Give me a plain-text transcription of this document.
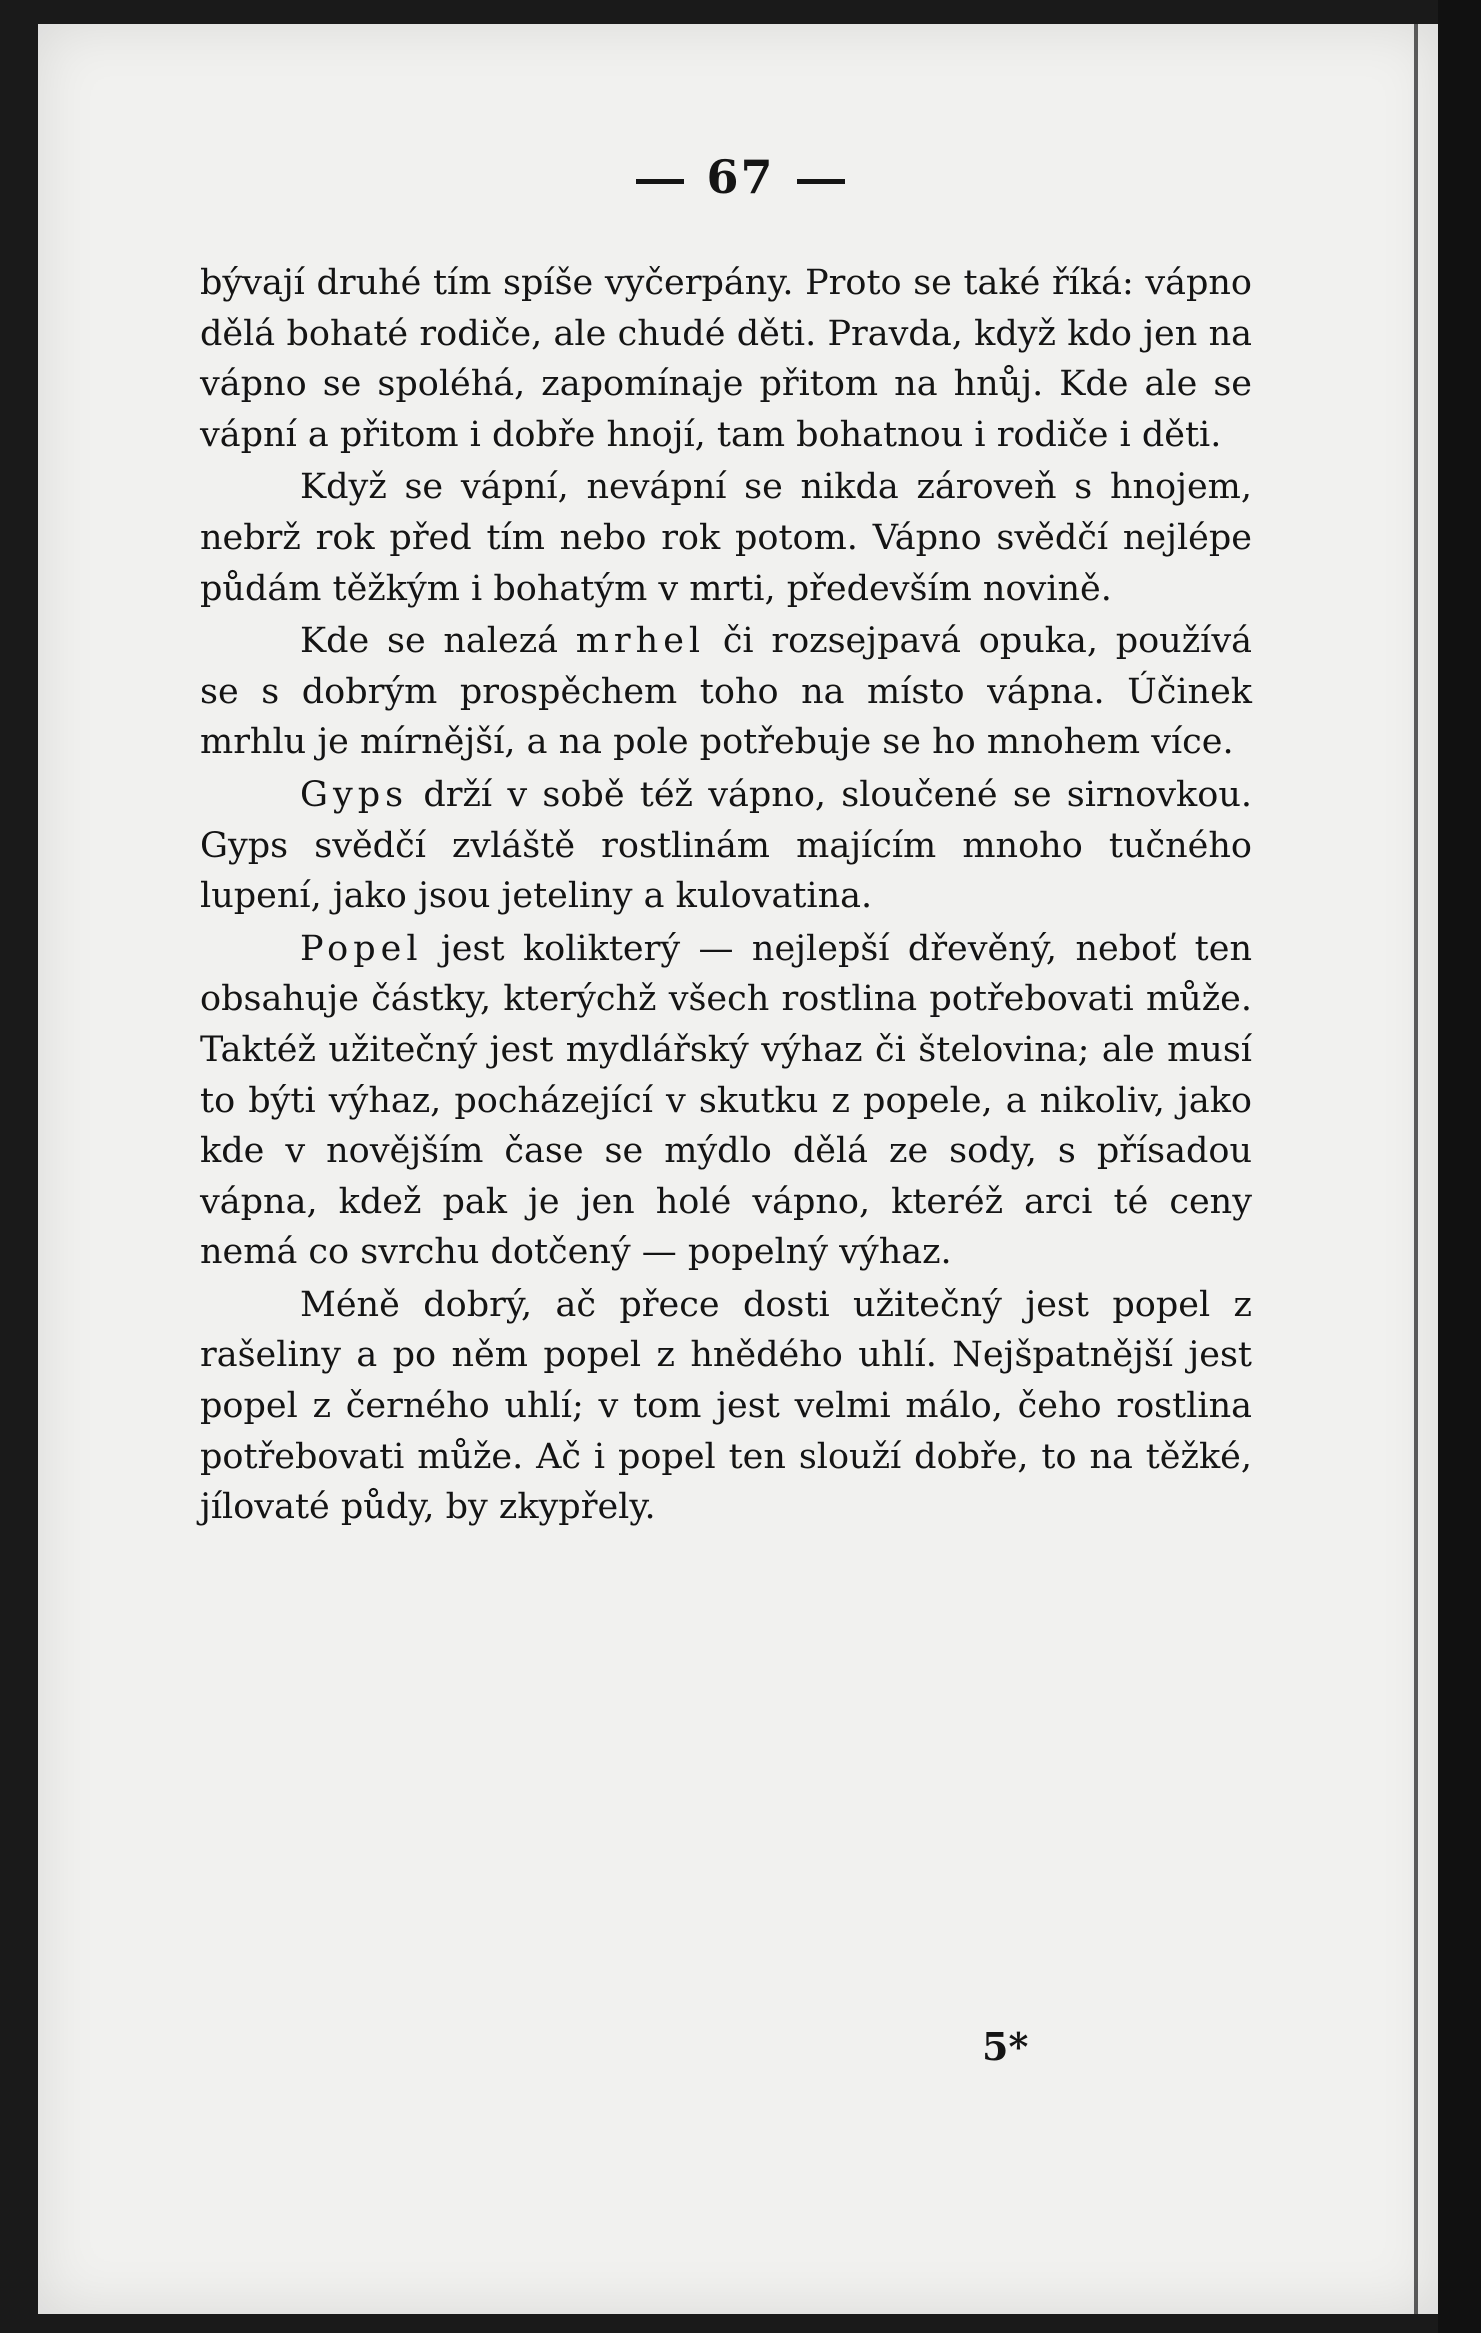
67

bývají druhé tím spíše vyčerpány. Proto se také říká: vápno dělá bohaté rodiče, ale chudé děti. Pravda, když kdo jen na vápno se spoléhá, zapomínaje přitom na hnůj. Kde ale se vápní a přitom i dobře hnojí, tam bohatnou i rodiče i děti.

Když se vápní, nevápní se nikda zároveň s hnojem, nebrž rok před tím nebo rok potom. Vápno svědčí nejlépe půdám těžkým i bohatým v mrti, především novině.

Kde se nalezá mrhel či rozsejpavá opuka, používá se s dobrým prospěchem toho na místo vápna. Účinek mrhlu je mírnější, a na pole potřebuje se ho mnohem více.

Gyps drží v sobě též vápno, sloučené se sirnovkou. Gyps svědčí zvláště rostlinám majícím mnoho tučného lupení, jako jsou jeteliny a kulovatina.

Popel jest kolikterý — nejlepší dřevěný, neboť ten obsahuje částky, kterýchž všech rostlina potřebovati může. Taktéž užitečný jest mydlářský výhaz či štelovina; ale musí to býti výhaz, pocházející v skutku z popele, a nikoliv, jako kde v novějším čase se mýdlo dělá ze sody, s přísadou vápna, kdež pak je jen holé vápno, kteréž arci té ceny nemá co svrchu dotčený — popelný výhaz.

Méně dobrý, ač přece dosti užitečný jest popel z rašeliny a po něm popel z hnědého uhlí. Nejšpatnější jest popel z černého uhlí; v tom jest velmi málo, čeho rostlina potřebovati může. Ač i popel ten slouží dobře, to na těžké, jílovaté půdy, by zkypřely.

5*
